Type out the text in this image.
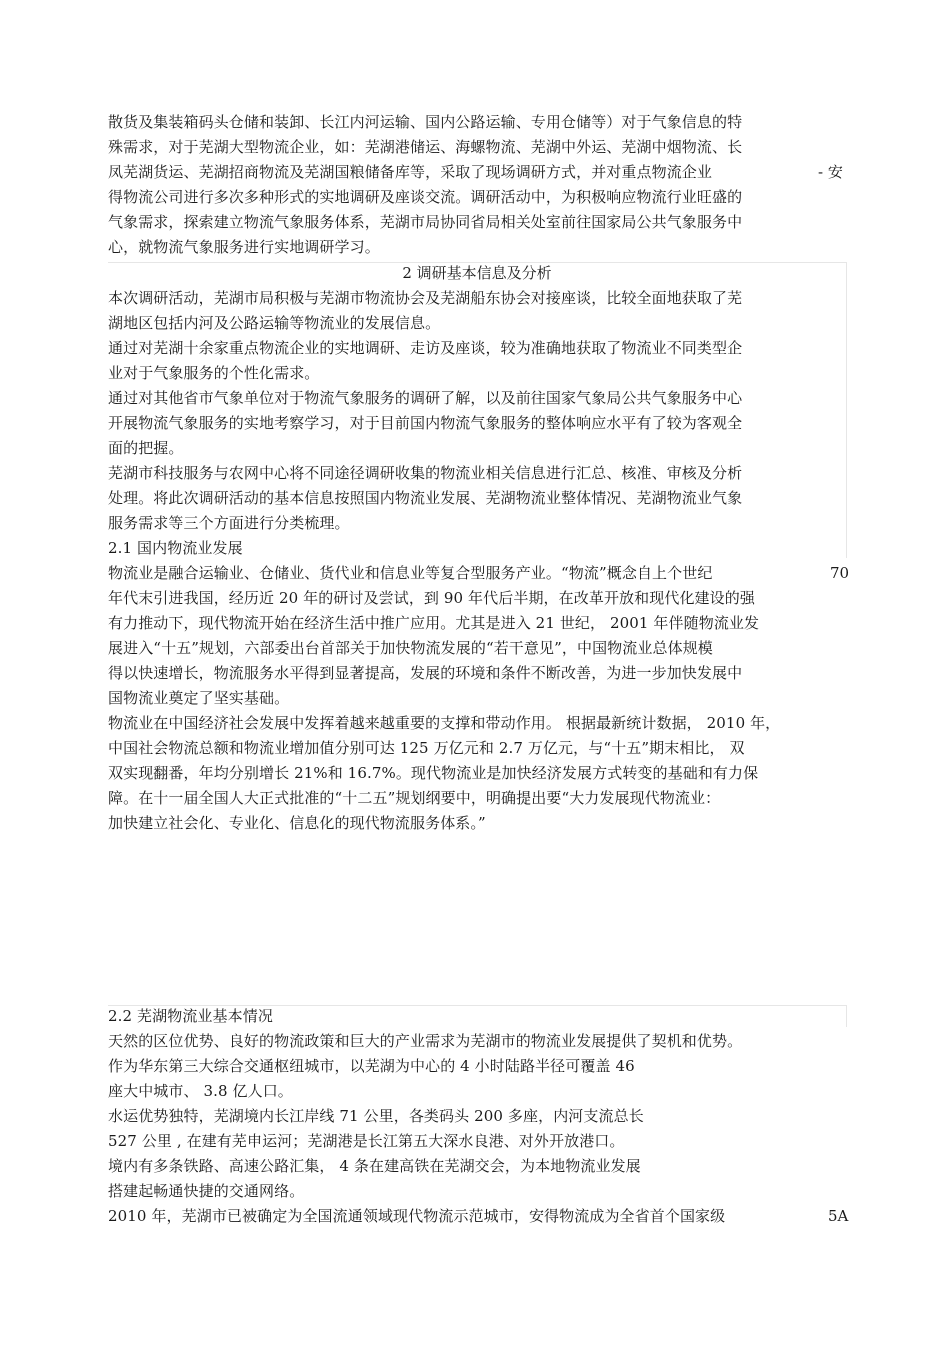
散货及集装箱码头仓储和装卸、长江内河运输、国内公路运输、专用仓储等）对于气象信息的特
殊需求，对于芜湖大型物流企业，如：芜湖港储运、海螺物流、芜湖中外运、芜湖中烟物流、长
凤芜湖货运、芜湖招商物流及芜湖国粮储备库等，采取了现场调研方式，并对重点物流企业	- 安
得物流公司进行多次多种形式的实地调研及座谈交流。调研活动中，为积极响应物流行业旺盛的
气象需求，探索建立物流气象服务体系，芜湖市局协同省局相关处室前往国家局公共气象服务中
心，就物流气象服务进行实地调研学习。
2 调研基本信息及分析
本次调研活动，芜湖市局积极与芜湖市物流协会及芜湖船东协会对接座谈，比较全面地获取了芜
湖地区包括内河及公路运输等物流业的发展信息。
通过对芜湖十余家重点物流企业的实地调研、走访及座谈，较为准确地获取了物流业不同类型企
业对于气象服务的个性化需求。
通过对其他省市气象单位对于物流气象服务的调研了解，以及前往国家气象局公共气象服务中心
开展物流气象服务的实地考察学习，对于目前国内物流气象服务的整体响应水平有了较为客观全
面的把握。
芜湖市科技服务与农网中心将不同途径调研收集的物流业相关信息进行汇总、核准、审核及分析
处理。将此次调研活动的基本信息按照国内物流业发展、芜湖物流业整体情况、芜湖物流业气象
服务需求等三个方面进行分类梳理。
2.1 国内物流业发展
物流业是融合运输业、仓储业、货代业和信息业等复合型服务产业。“物流”概念自上个世纪	70
年代末引进我国，经历近 20 年的研讨及尝试，到 90 年代后半期，在改革开放和现代化建设的强
有力推动下，现代物流开始在经济生活中推广应用。尤其是进入 21 世纪， 2001 年伴随物流业发
展进入“十五”规划，六部委出台首部关于加快物流发展的“若干意见”，中国物流业总体规模
得以快速增长，物流服务水平得到显著提高，发展的环境和条件不断改善，为进一步加快发展中
国物流业奠定了坚实基础。
物流业在中国经济社会发展中发挥着越来越重要的支撑和带动作用。 根据最新统计数据， 2010 年，
中国社会物流总额和物流业增加值分别可达 125 万亿元和 2.7 万亿元，与“十五”期末相比， 双
双实现翻番，年均分别增长 21%和 16.7%。现代物流业是加快经济发展方式转变的基础和有力保
障。在十一届全国人大正式批准的“十二五”规划纲要中，明确提出要“大力发展现代物流业：
加快建立社会化、专业化、信息化的现代物流服务体系。”
2.2 芜湖物流业基本情况
天然的区位优势、良好的物流政策和巨大的产业需求为芜湖市的物流业发展提供了契机和优势。
作为华东第三大综合交通枢纽城市，以芜湖为中心的 4 小时陆路半径可覆盖 46
座大中城市、 3.8 亿人口。
水运优势独特，芜湖境内长江岸线 71 公里，各类码头 200 多座，内河支流总长
527 公里 , 在建有芜申运河；芜湖港是长江第五大深水良港、对外开放港口。
境内有多条铁路、高速公路汇集， 4 条在建高铁在芜湖交会，为本地物流业发展
搭建起畅通快捷的交通网络。
2010 年，芜湖市已被确定为全国流通领域现代物流示范城市，安得物流成为全省首个国家级	5A
